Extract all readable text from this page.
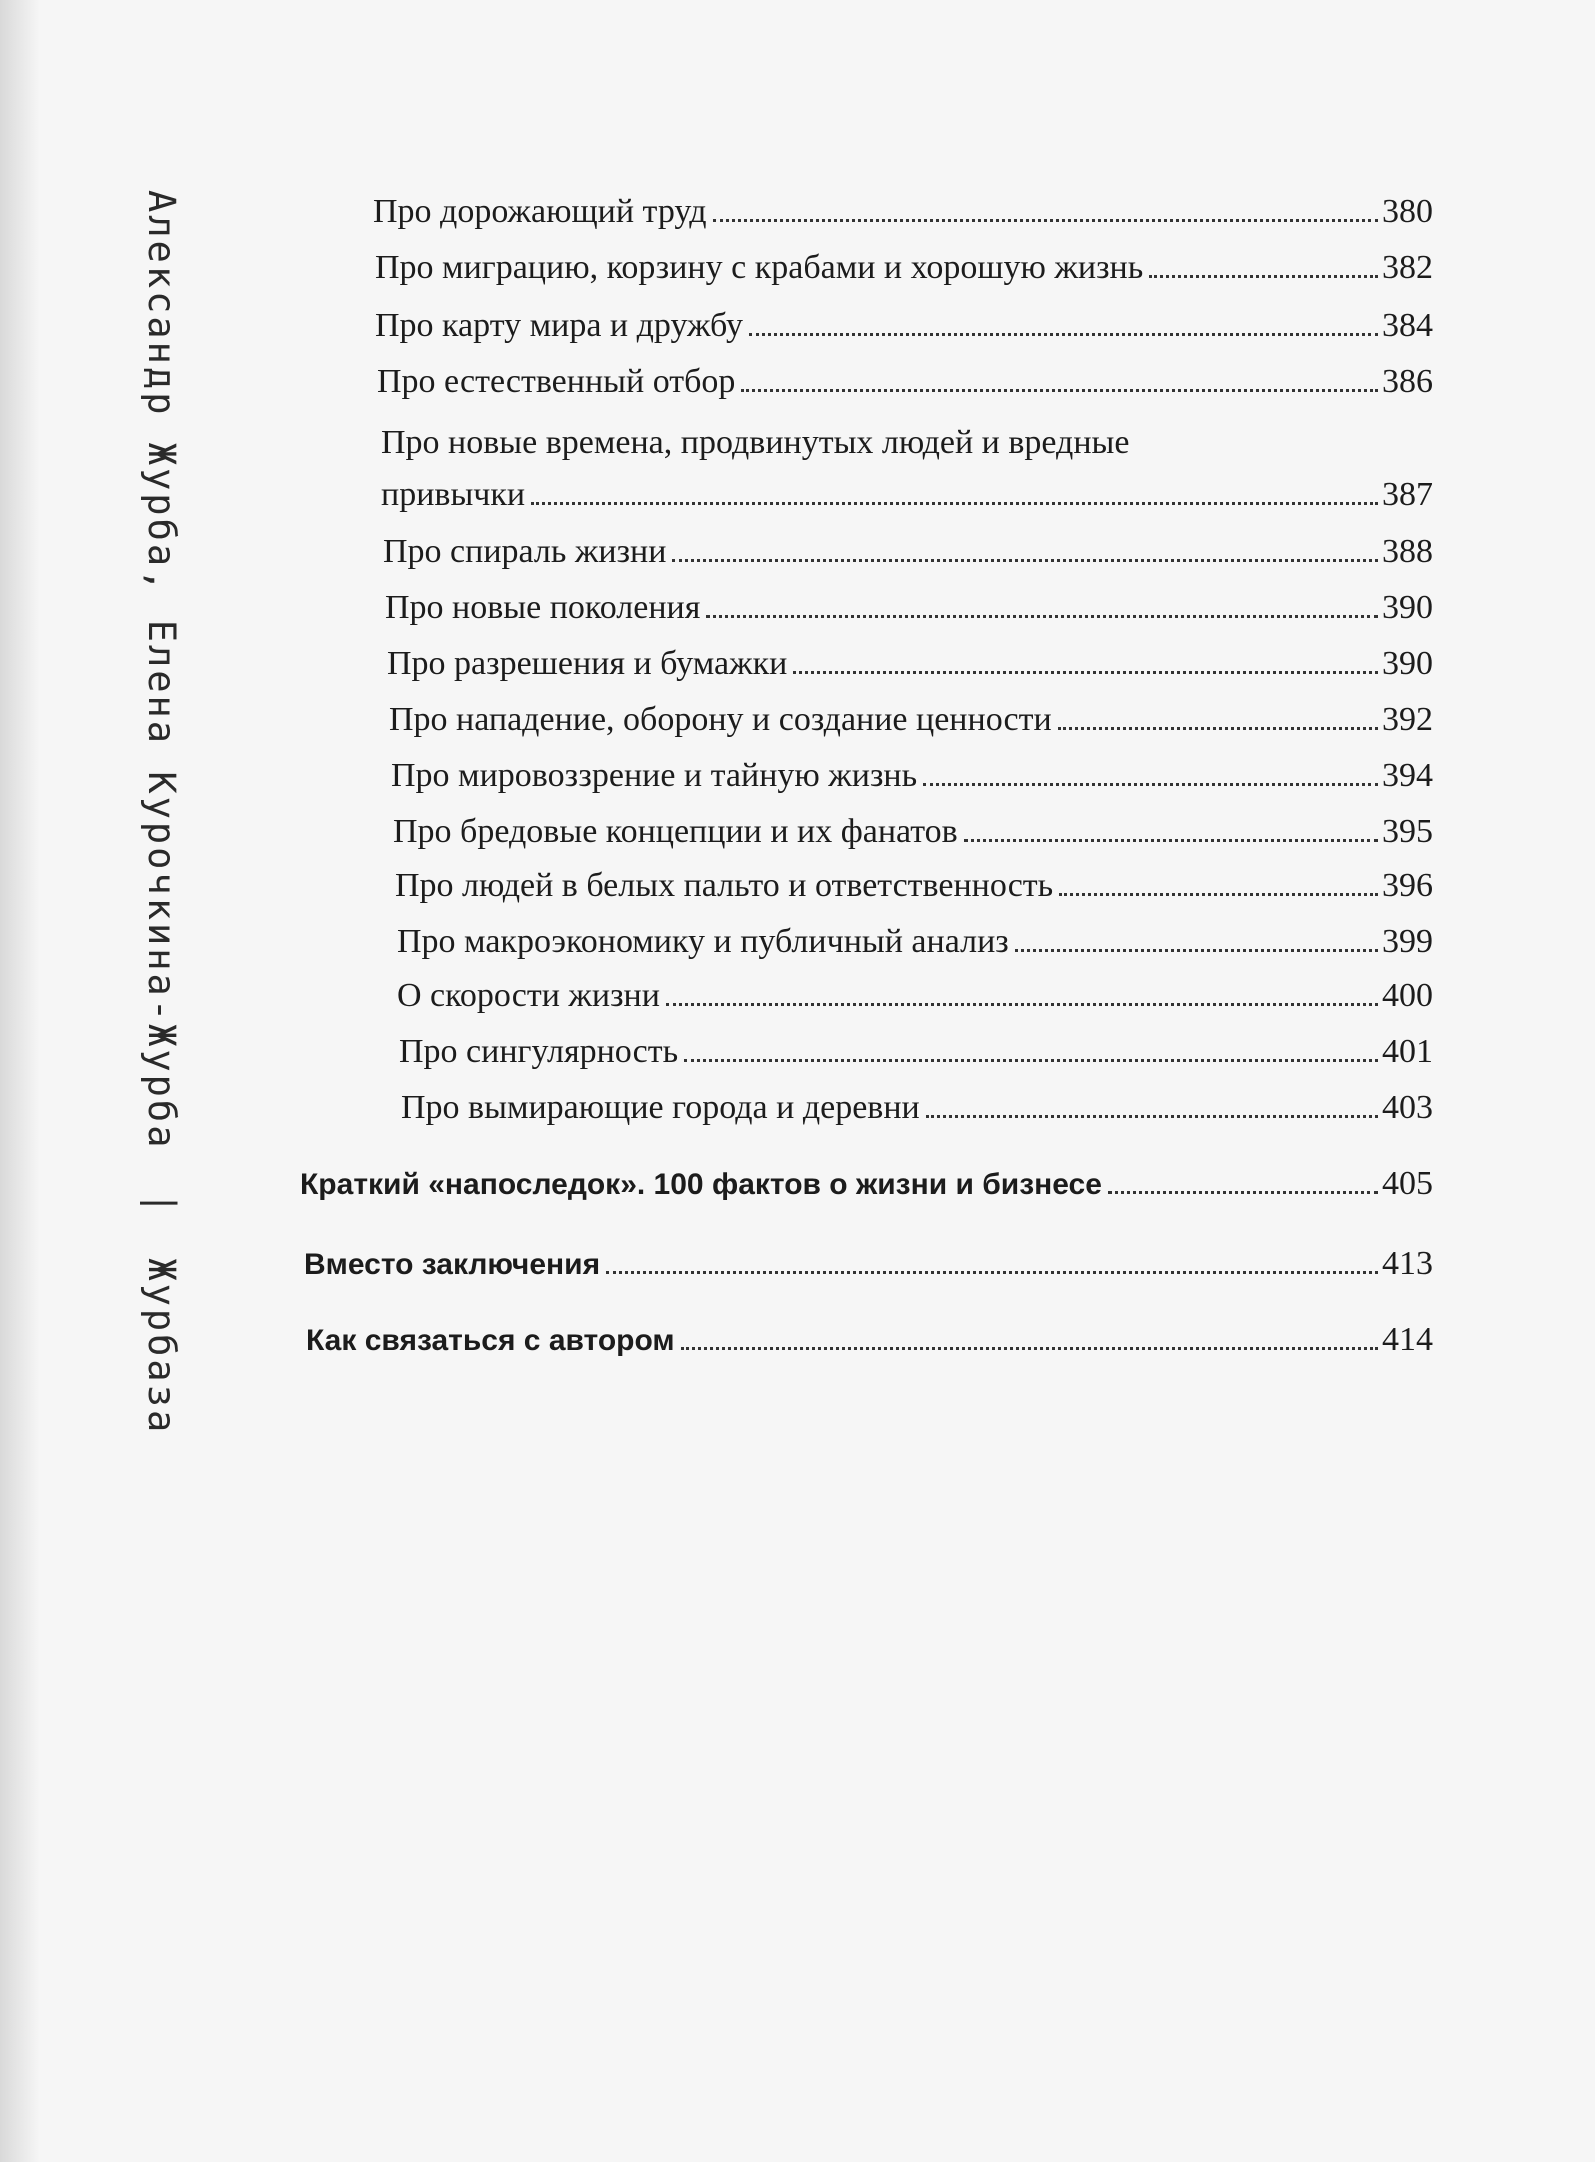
Александр Журба, Елена Курочкина-Журба | Журбаза
Про дорожающий труд	380
Про миграцию, корзину с крабами и хорошую жизнь	382
Про карту мира и дружбу	384
Про естественный отбор	386
Про новые времена, продвинутых людей и вредные
привычки	387
Про спираль жизни	388
Про новые поколения	390
Про разрешения и бумажки	390
Про нападение, оборону и создание ценности	392
Про мировоззрение и тайную жизнь	394
Про бредовые концепции и их фанатов	395
Про людей в белых пальто и ответственность	396
Про макроэкономику и публичный анализ	399
О скорости жизни	400
Про сингулярность	401
Про вымирающие города и деревни	403
Краткий «напоследок». 100 фактов о жизни и бизнесе	405
Вместо заключения	413
Как связаться с автором	414
